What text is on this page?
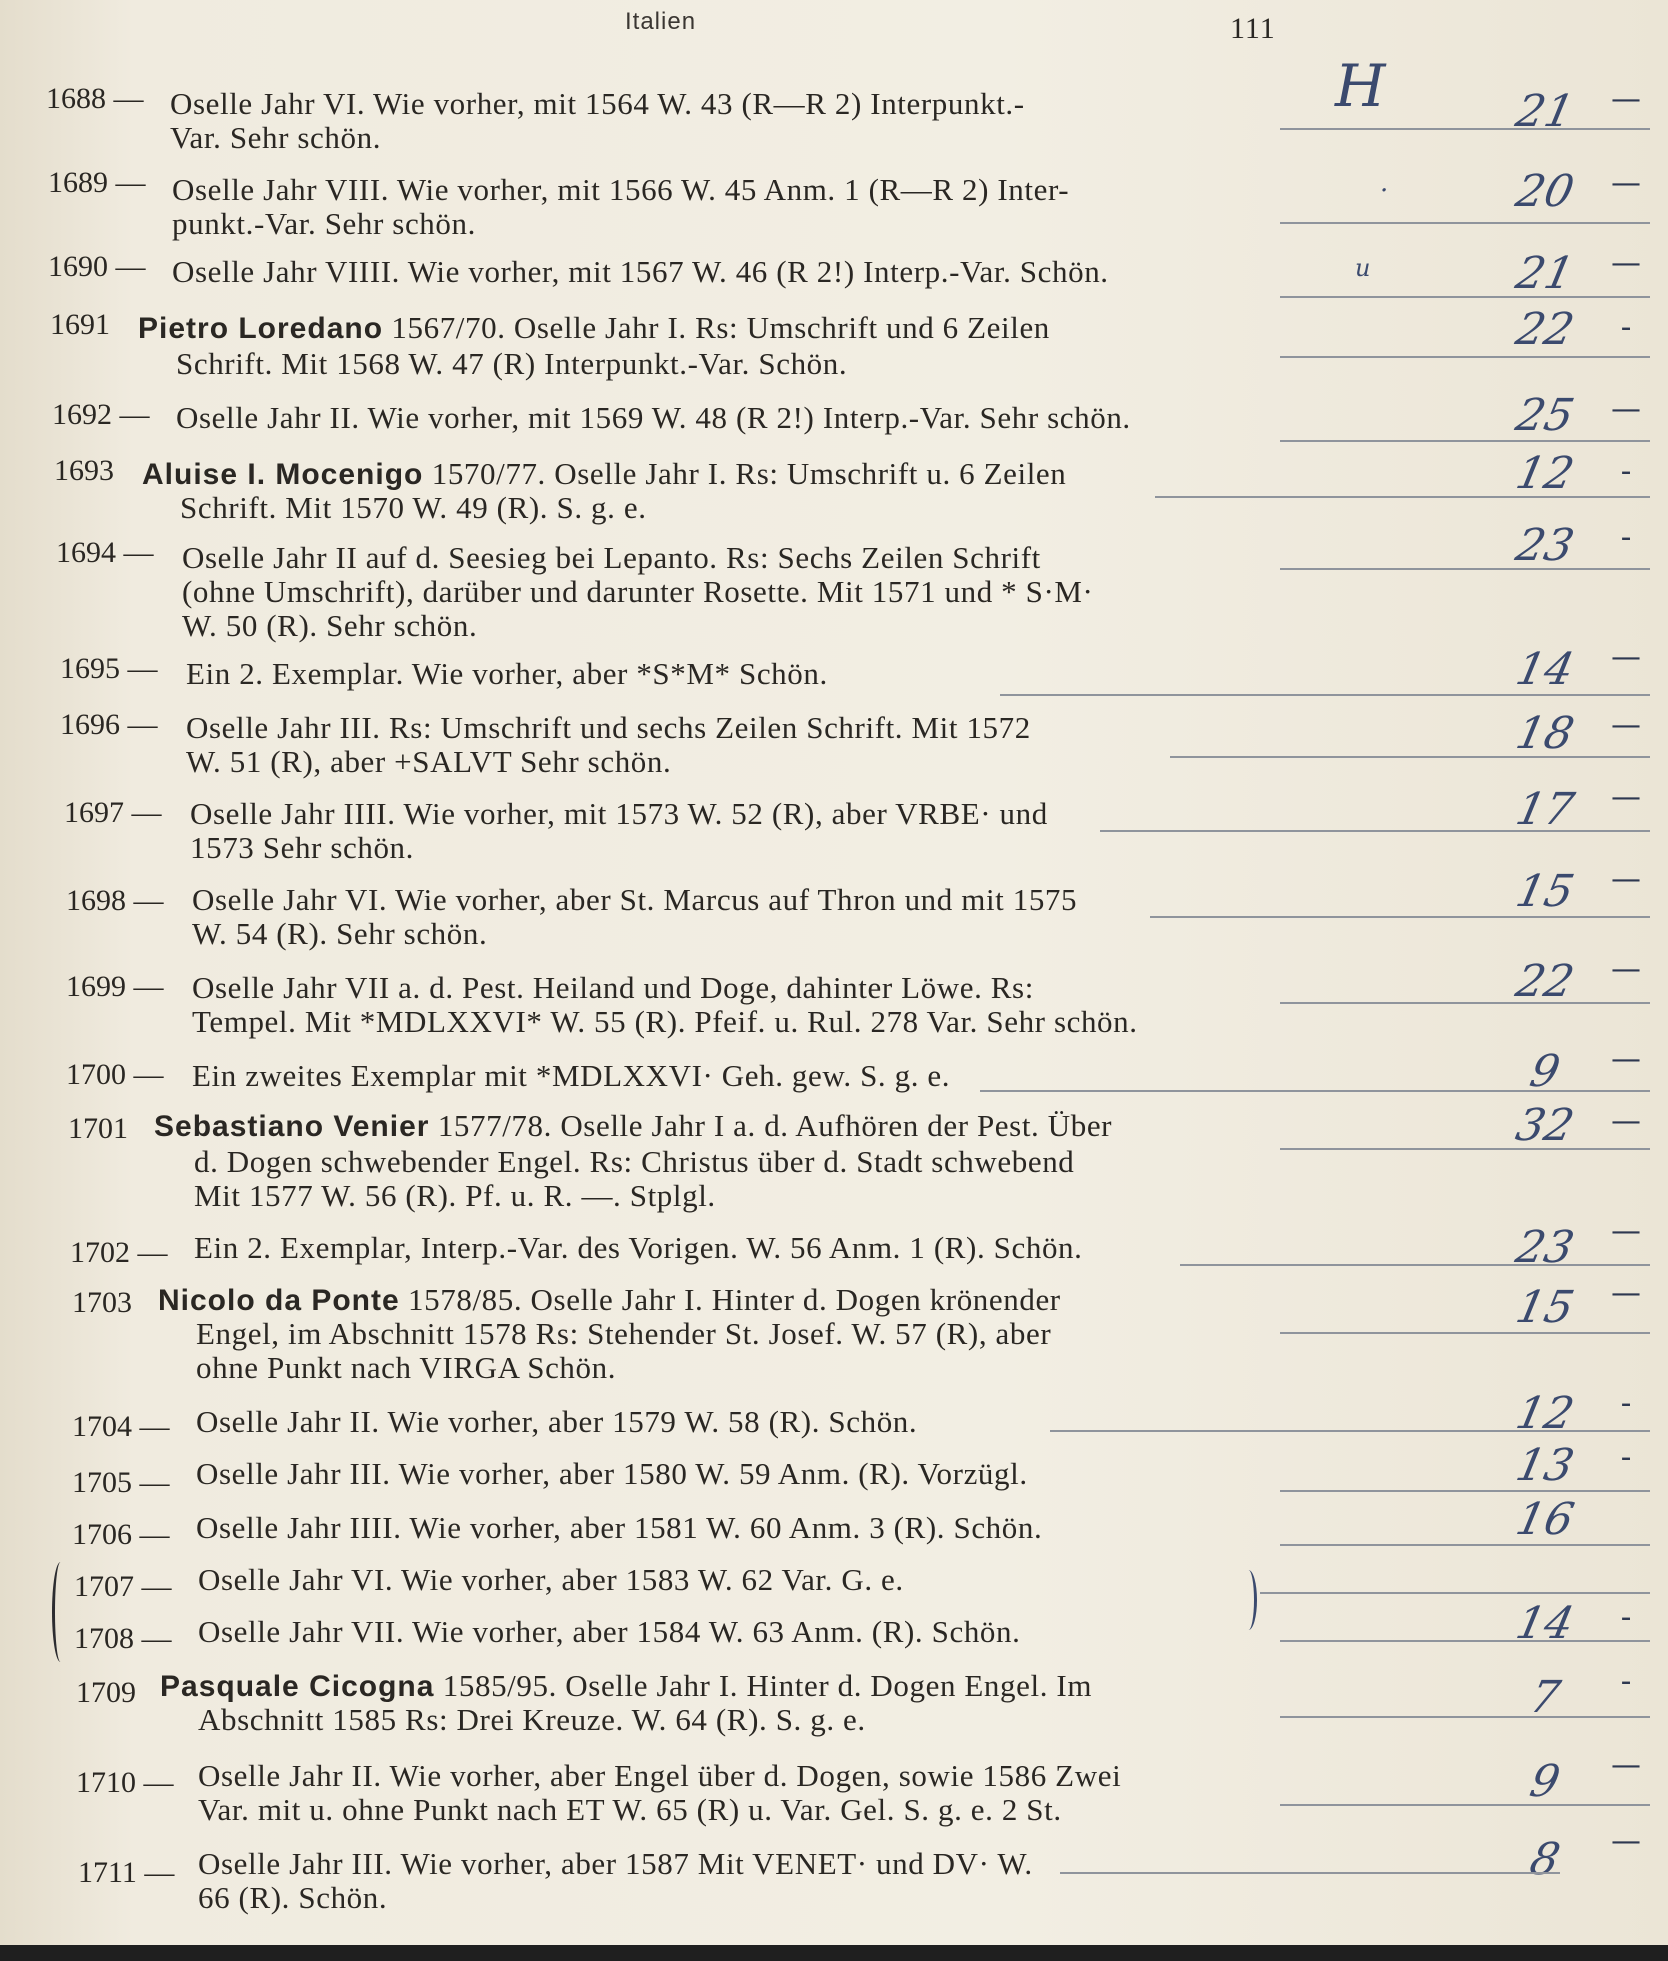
Italien	111
1688 — Oselle Jahr VI. Wie vorher, mit 1564 W. 43 (R—R 2) Interpunkt.-
Var. Sehr schön.
H	21	—
1689 — Oselle Jahr VIII. Wie vorher, mit 1566 W. 45 Anm. 1 (R—R 2) Inter-
punkt.-Var. Sehr schön.
·	20	—
1690 — Oselle Jahr VIIII. Wie vorher, mit 1567 W. 46 (R 2!) Interp.-Var. Schön.	u	21	—
1691 Pietro Loredano 1567/70. Oselle Jahr I. Rs: Umschrift und 6 Zeilen
Schrift. Mit 1568 W. 47 (R) Interpunkt.-Var. Schön.
22	-
1692 — Oselle Jahr II. Wie vorher, mit 1569 W. 48 (R 2!) Interp.-Var. Sehr schön.	25	—
1693 Aluise I. Mocenigo 1570/77. Oselle Jahr I. Rs: Umschrift u. 6 Zeilen
Schrift. Mit 1570 W. 49 (R). S. g. e.
12	-
1694 — Oselle Jahr II auf d. Seesieg bei Lepanto. Rs: Sechs Zeilen Schrift
(ohne Umschrift), darüber und darunter Rosette. Mit 1571 und * S·M·
W. 50 (R). Sehr schön.
23	-
1695 — Ein 2. Exemplar. Wie vorher, aber *S*M* Schön.	14	—
1696 — Oselle Jahr III. Rs: Umschrift und sechs Zeilen Schrift. Mit 1572
W. 51 (R), aber +SALVT Sehr schön.
18	—
1697 — Oselle Jahr IIII. Wie vorher, mit 1573 W. 52 (R), aber VRBE· und
1573 Sehr schön.
17	—
1698 — Oselle Jahr VI. Wie vorher, aber St. Marcus auf Thron und mit 1575
W. 54 (R). Sehr schön.
15	—
1699 — Oselle Jahr VII a. d. Pest. Heiland und Doge, dahinter Löwe. Rs:
Tempel. Mit *MDLXXVI* W. 55 (R). Pfeif. u. Rul. 278 Var. Sehr schön.
22	—
1700 — Ein zweites Exemplar mit *MDLXXVI· Geh. gew. S. g. e.	9	—
1701 Sebastiano Venier 1577/78. Oselle Jahr I a. d. Aufhören der Pest. Über
d. Dogen schwebender Engel. Rs: Christus über d. Stadt schwebend
Mit 1577 W. 56 (R). Pf. u. R. —. Stplgl.
32	—
1702 — Ein 2. Exemplar, Interp.-Var. des Vorigen. W. 56 Anm. 1 (R). Schön.	23	—
1703 Nicolo da Ponte 1578/85. Oselle Jahr I. Hinter d. Dogen krönender
Engel, im Abschnitt 1578 Rs: Stehender St. Josef. W. 57 (R), aber
ohne Punkt nach VIRGA Schön.
15	—
1704 — Oselle Jahr II. Wie vorher, aber 1579 W. 58 (R). Schön.	12	-
1705 — Oselle Jahr III. Wie vorher, aber 1580 W. 59 Anm. (R). Vorzügl.	13	-
1706 — Oselle Jahr IIII. Wie vorher, aber 1581 W. 60 Anm. 3 (R). Schön.	16
1707 — Oselle Jahr VI. Wie vorher, aber 1583 W. 62 Var. G. e.
1708 — Oselle Jahr VII. Wie vorher, aber 1584 W. 63 Anm. (R). Schön.	14	-
1709 Pasquale Cicogna 1585/95. Oselle Jahr I. Hinter d. Dogen Engel. Im
Abschnitt 1585 Rs: Drei Kreuze. W. 64 (R). S. g. e.	7	-
1710 — Oselle Jahr II. Wie vorher, aber Engel über d. Dogen, sowie 1586 Zwei
Var. mit u. ohne Punkt nach ET W. 65 (R) u. Var. Gel. S. g. e. 2 St.
9	—
1711 — Oselle Jahr III. Wie vorher, aber 1587 Mit VENET· und DV· W.
66 (R). Schön.
8	—
